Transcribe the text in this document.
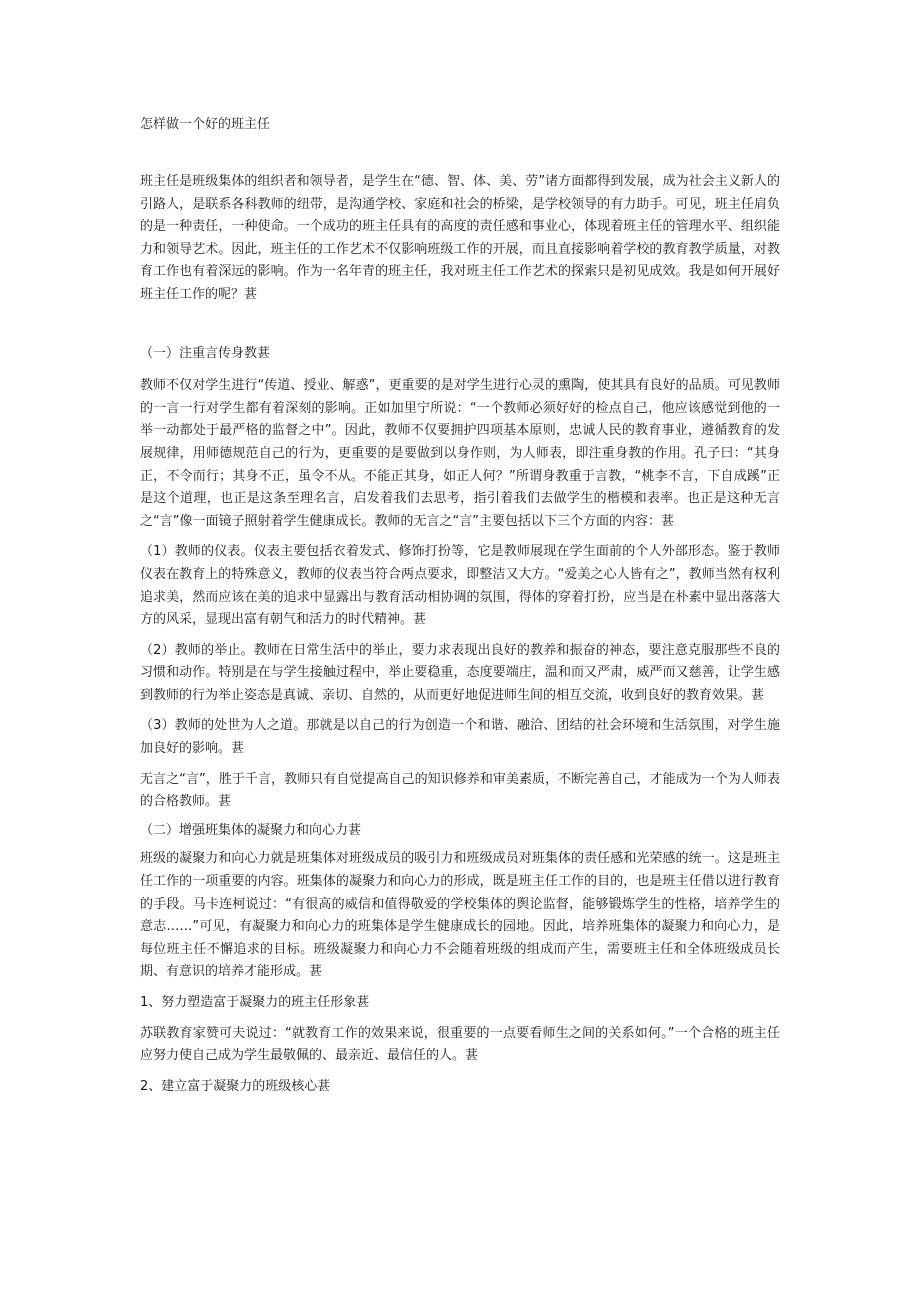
怎样做一个好的班主任

班主任是班级集体的组织者和领导者，是学生在“德、智、体、美、劳”诸方面都得到发展，成为社会主义新人的引路人，是联系各科教师的纽带，是沟通学校、家庭和社会的桥梁，是学校领导的有力助手。可见，班主任肩负的是一种责任，一种使命。一个成功的班主任具有的高度的责任感和事业心，体现着班主任的管理水平、组织能力和领导艺术。因此，班主任的工作艺术不仅影响班级工作的开展，而且直接影响着学校的教育教学质量，对教育工作也有着深远的影响。作为一名年青的班主任，我对班主任工作艺术的探索只是初见成效。我是如何开展好班主任工作的呢？葚

（一）注重言传身教葚

教师不仅对学生进行“传道、授业、解惑”，更重要的是对学生进行心灵的熏陶，使其具有良好的品质。可见教师的一言一行对学生都有着深刻的影响。正如加里宁所说：“一个教师必须好好的检点自己，他应该感觉到他的一举一动都处于最严格的监督之中”。因此，教师不仅要拥护四项基本原则，忠诚人民的教育事业，遵循教育的发展规律，用师德规范自己的行为，更重要的是要做到以身作则，为人师表，即注重身教的作用。孔子曰：“其身正，不令而行；其身不正，虽令不从。不能正其身，如正人何？”所谓身教重于言教，“桃李不言，下自成蹊”正是这个道理，也正是这条至理名言，启发着我们去思考，指引着我们去做学生的楷模和表率。也正是这种无言之“言”像一面镜子照射着学生健康成长。教师的无言之“言”主要包括以下三个方面的内容：葚

（1）教师的仪表。仪表主要包括衣着发式、修饰打扮等，它是教师展现在学生面前的个人外部形态。鉴于教师仪表在教育上的特殊意义，教师的仪表当符合两点要求，即整洁又大方。“爱美之心人皆有之”，教师当然有权利追求美，然而应该在美的追求中显露出与教育活动相协调的氛围，得体的穿着打扮，应当是在朴素中显出落落大方的风采，显现出富有朝气和活力的时代精神。葚

（2）教师的举止。教师在日常生活中的举止，要力求表现出良好的教养和振奋的神态，要注意克服那些不良的习惯和动作。特别是在与学生接触过程中，举止要稳重，态度要端庄，温和而又严肃，威严而又慈善，让学生感到教师的行为举止姿态是真诚、亲切、自然的，从而更好地促进师生间的相互交流，收到良好的教育效果。葚

（3）教师的处世为人之道。那就是以自己的行为创造一个和谐、融洽、团结的社会环境和生活氛围，对学生施加良好的影响。葚

无言之“言”，胜于千言，教师只有自觉提高自己的知识修养和审美素质，不断完善自己，才能成为一个为人师表的合格教师。葚

（二）增强班集体的凝聚力和向心力葚

班级的凝聚力和向心力就是班集体对班级成员的吸引力和班级成员对班集体的责任感和光荣感的统一。这是班主任工作的一项重要的内容。班集体的凝聚力和向心力的形成，既是班主任工作的目的，也是班主任借以进行教育的手段。马卡连柯说过：“有很高的威信和值得敬爱的学校集体的舆论监督，能够锻炼学生的性格，培养学生的意志……”可见，有凝聚力和向心力的班集体是学生健康成长的园地。因此，培养班集体的凝聚力和向心力，是每位班主任不懈追求的目标。班级凝聚力和向心力不会随着班级的组成而产生，需要班主任和全体班级成员长期、有意识的培养才能形成。葚

1、努力塑造富于凝聚力的班主任形象葚

苏联教育家赞可夫说过：“就教育工作的效果来说，很重要的一点要看师生之间的关系如何。”一个合格的班主任应努力使自己成为学生最敬佩的、最亲近、最信任的人。葚

2、建立富于凝聚力的班级核心葚
